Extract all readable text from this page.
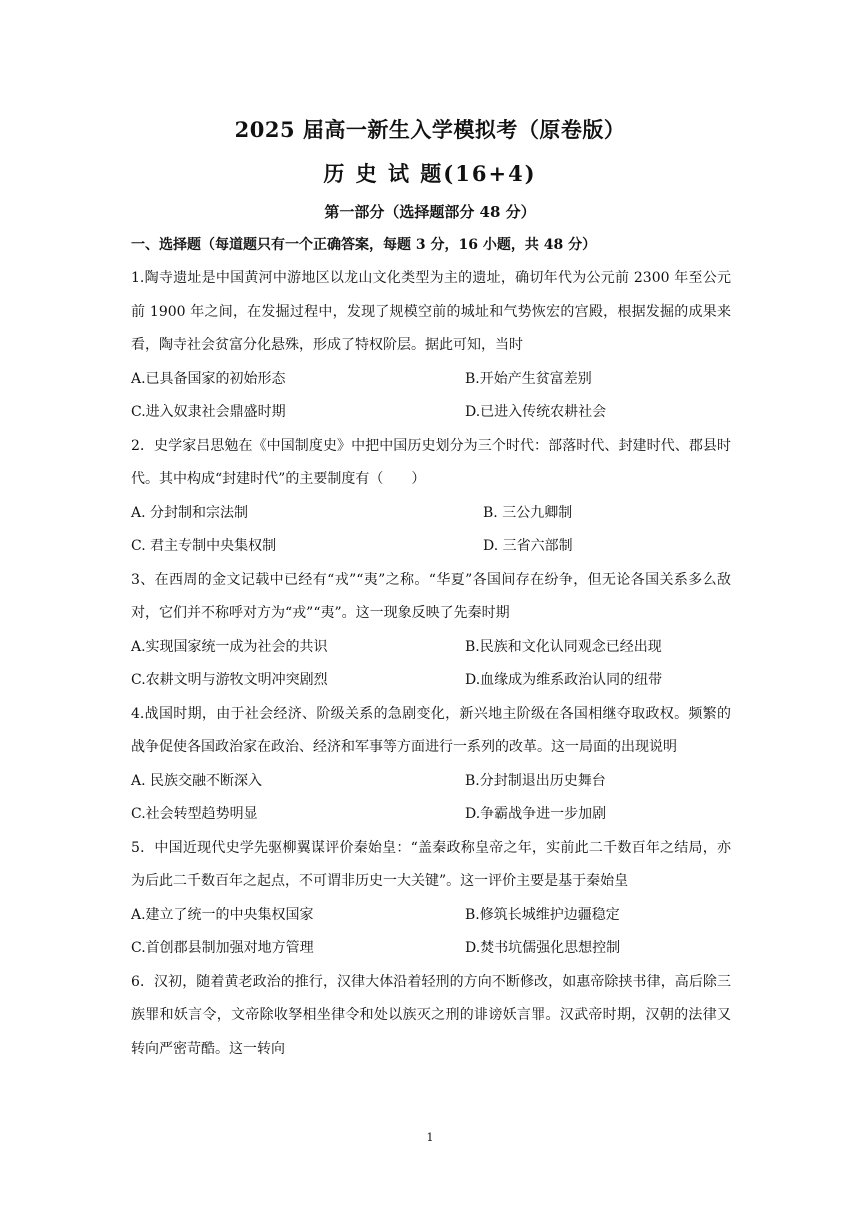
2025 届高一新生入学模拟考（原卷版）
历 史 试 题(16+4)
第一部分（选择题部分 48 分）
一、选择题（每道题只有一个正确答案，每题 3 分，16 小题，共 48 分）
1.陶寺遗址是中国黄河中游地区以龙山文化类型为主的遗址，确切年代为公元前 2300 年至公元前 1900 年之间，在发掘过程中，发现了规模空前的城址和气势恢宏的宫殿，根据发掘的成果来看，陶寺社会贫富分化悬殊，形成了特权阶层。据此可知，当时
A.已具备国家的初始形态	B.开始产生贫富差别
C.进入奴隶社会鼎盛时期	D.已进入传统农耕社会
2．史学家吕思勉在《中国制度史》中把中国历史划分为三个时代：部落时代、封建时代、郡县时代。其中构成“封建时代”的主要制度有（　　）
A. 分封制和宗法制	B. 三公九卿制
C. 君主专制中央集权制	D. 三省六部制
3、在西周的金文记载中已经有“戎”“夷”之称。“华夏”各国间存在纷争，但无论各国关系多么敌对，它们并不称呼对方为“戎”“夷”。这一现象反映了先秦时期
A.实现国家统一成为社会的共识	B.民族和文化认同观念已经出现
C.农耕文明与游牧文明冲突剧烈	D.血缘成为维系政治认同的纽带
4.战国时期，由于社会经济、阶级关系的急剧变化，新兴地主阶级在各国相继夺取政权。频繁的战争促使各国政治家在政治、经济和军事等方面进行一系列的改革。这一局面的出现说明
A. 民族交融不断深入	B.分封制退出历史舞台
C.社会转型趋势明显	D.争霸战争进一步加剧
5．中国近现代史学先驱柳翼谋评价秦始皇：“盖秦政称皇帝之年，实前此二千数百年之结局，亦为后此二千数百年之起点，不可谓非历史一大关键”。这一评价主要是基于秦始皇
A.建立了统一的中央集权国家	B.修筑长城维护边疆稳定
C.首创郡县制加强对地方管理	D.焚书坑儒强化思想控制
6．汉初，随着黄老政治的推行，汉律大体沿着轻刑的方向不断修改，如惠帝除挟书律，高后除三族罪和妖言令，文帝除收孥相坐律令和处以族灭之刑的诽谤妖言罪。汉武帝时期，汉朝的法律又转向严密苛酷。这一转向
1
